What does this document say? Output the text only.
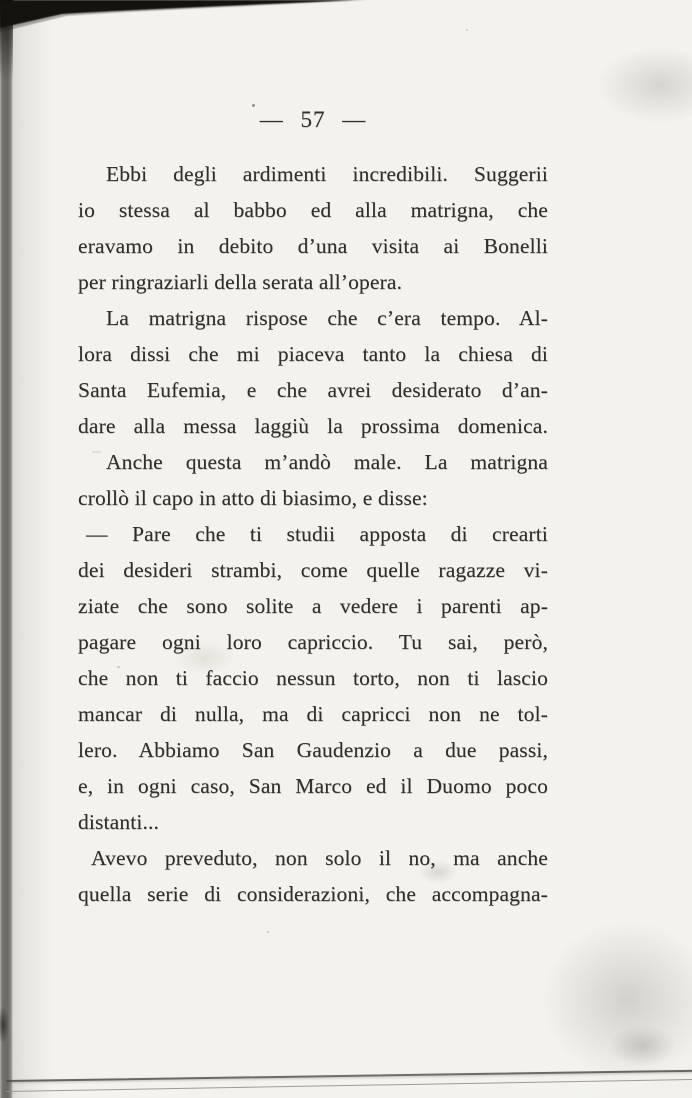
— 57 —
Ebbi degli ardimenti incredibili. Suggerii
io stessa al babbo ed alla matrigna, che
eravamo in debito d’una visita ai Bonelli
per ringraziarli della serata all’opera.
La matrigna rispose che c’era tempo. Al-
lora dissi che mi piaceva tanto la chiesa di
Santa Eufemia, e che avrei desiderato d’an-
dare alla messa laggiù la prossima domenica.
Anche questa m’andò male. La matrigna
crollò il capo in atto di biasimo, e disse:
— Pare che ti studii apposta di crearti
dei desideri strambi, come quelle ragazze vi-
ziate che sono solite a vedere i parenti ap-
pagare ogni loro capriccio. Tu sai, però,
che non ti faccio nessun torto, non ti lascio
mancar di nulla, ma di capricci non ne tol-
lero. Abbiamo San Gaudenzio a due passi,
e, in ogni caso, San Marco ed il Duomo poco
distanti...
Avevo preveduto, non solo il no, ma anche
quella serie di considerazioni, che accompagna-
